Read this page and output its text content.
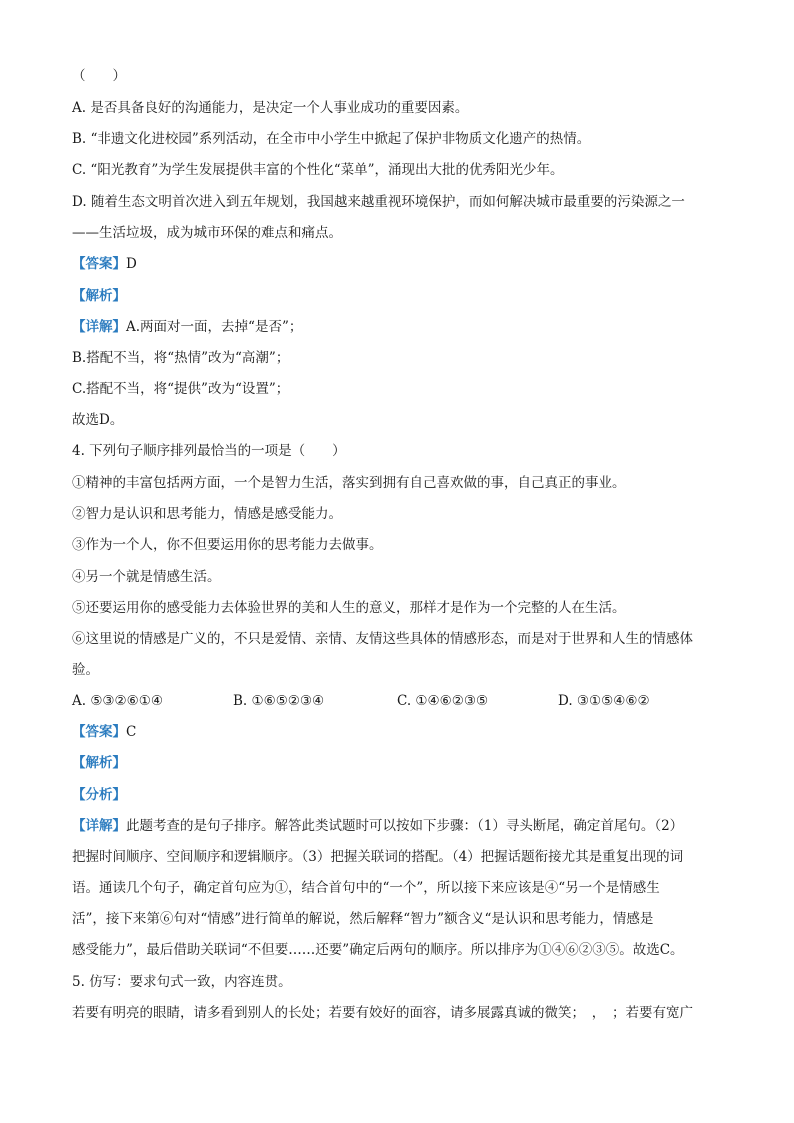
（　　）
A. 是否具备良好的沟通能力，是决定一个人事业成功的重要因素。
B. “非遗文化进校园”系列活动，在全市中小学生中掀起了保护非物质文化遗产的热情。
C. “阳光教育”为学生发展提供丰富的个性化“菜单”，涌现出大批的优秀阳光少年。
D. 随着生态文明首次进入到五年规划，我国越来越重视环境保护，而如何解决城市最重要的污染源之一
——生活垃圾，成为城市环保的难点和痛点。
【答案】D
【解析】
【详解】A.两面对一面，去掉“是否”；
B.搭配不当，将“热情”改为“高潮”；
C.搭配不当，将“提供”改为“设置”；
故选D。
4. 下列句子顺序排列最恰当的一项是（　　）
①精神的丰富包括两方面，一个是智力生活，落实到拥有自己喜欢做的事，自己真正的事业。
②智力是认识和思考能力，情感是感受能力。
③作为一个人，你不但要运用你的思考能力去做事。
④另一个就是情感生活。
⑤还要运用你的感受能力去体验世界的美和人生的意义，那样才是作为一个完整的人在生活。
⑥这里说的情感是广义的，不只是爱情、亲情、友情这些具体的情感形态，而是对于世界和人生的情感体
验。
A. ⑤③②⑥①④	B. ①⑥⑤②③④	C. ①④⑥②③⑤	D. ③①⑤④⑥②
【答案】C
【解析】
【分析】
【详解】此题考查的是句子排序。解答此类试题时可以按如下步骤：（1）寻头断尾，确定首尾句。（2）
把握时间顺序、空间顺序和逻辑顺序。（3）把握关联词的搭配。（4）把握话题衔接尤其是重复出现的词
语。通读几个句子，确定首句应为①，结合首句中的“一个”，所以接下来应该是④“另一个是情感生
活”，接下来第⑥句对“情感”进行简单的解说，然后解释“智力”额含义“是认识和思考能力，情感是
感受能力”，最后借助关联词“不但要……还要”确定后两句的顺序。所以排序为①④⑥②③⑤。故选C。
5. 仿写：要求句式一致，内容连贯。
若要有明亮的眼睛，请多看到别人的长处；若要有姣好的面容，请多展露真诚的微笑；　，　；若要有宽广
